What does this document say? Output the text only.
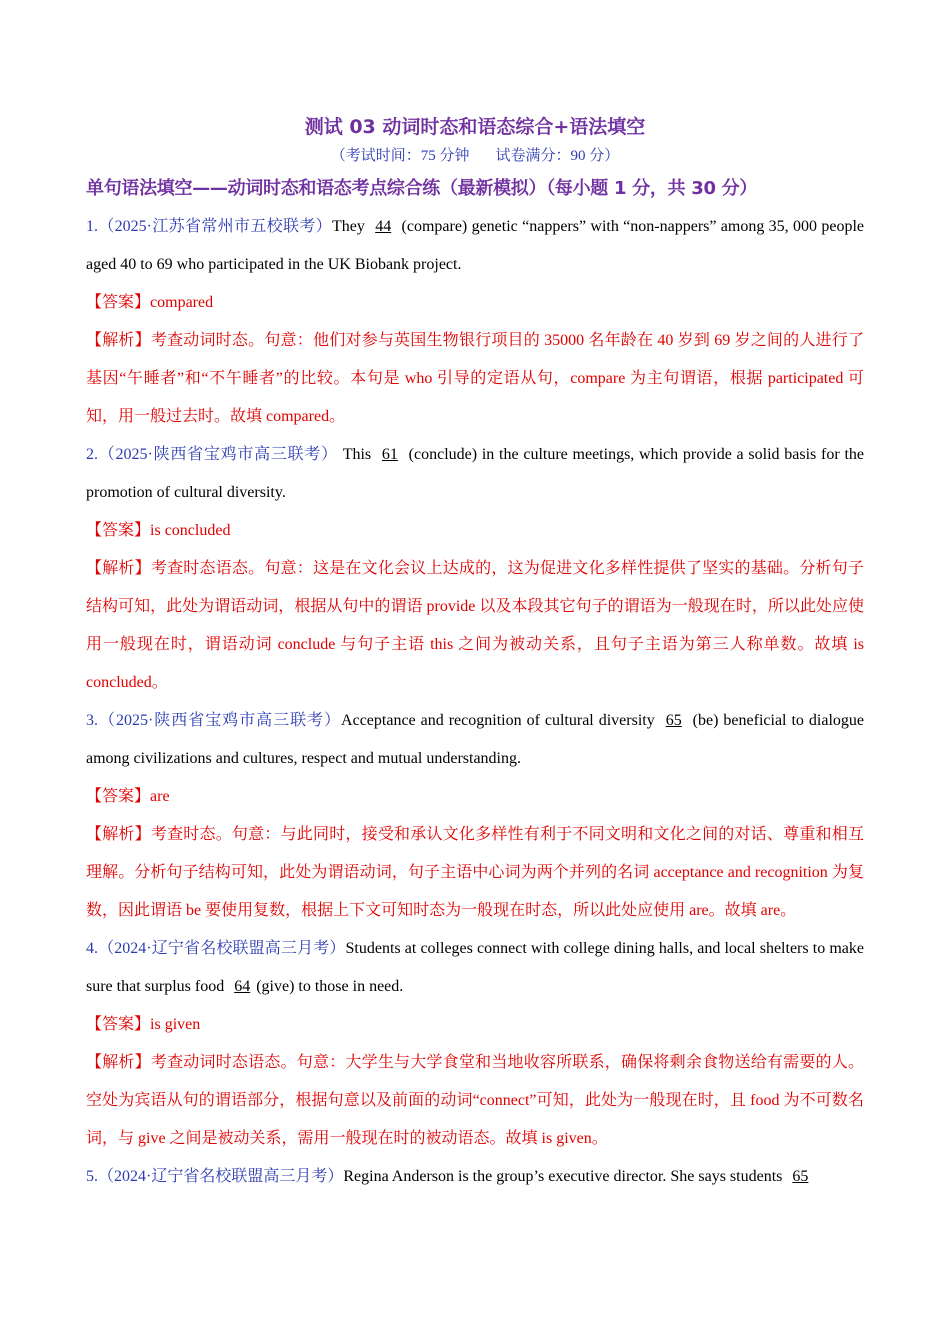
测试 03 动词时态和语态综合+语法填空
（考试时间：75 分钟 试卷满分：90 分）
单句语法填空——动词时态和语态考点综合练（最新模拟）（每小题 1 分，共 30 分）

1.（2025·江苏省常州市五校联考）They 44 (compare) genetic “nappers” with “non-nappers” among 35, 000 people aged 40 to 69 who participated in the UK Biobank project.

【答案】compared

【解析】考查动词时态。句意：他们对参与英国生物银行项目的 35000 名年龄在 40 岁到 69 岁之间的人进行了基因“午睡者”和“不午睡者”的比较。本句是 who 引导的定语从句，compare 为主句谓语，根据 participated 可知，用一般过去时。故填 compared。

2.（2025·陕西省宝鸡市高三联考） This 61 (conclude) in the culture meetings, which provide a solid basis for the promotion of cultural diversity.

【答案】is concluded

【解析】考查时态语态。句意：这是在文化会议上达成的，这为促进文化多样性提供了坚实的基础。分析句子结构可知，此处为谓语动词，根据从句中的谓语 provide 以及本段其它句子的谓语为一般现在时，所以此处应使用一般现在时，谓语动词 conclude 与句子主语 this 之间为被动关系，且句子主语为第三人称单数。故填 is concluded。

3.（2025·陕西省宝鸡市高三联考）Acceptance and recognition of cultural diversity 65 (be) beneficial to dialogue among civilizations and cultures, respect and mutual understanding.

【答案】are

【解析】考查时态。句意：与此同时，接受和承认文化多样性有利于不同文明和文化之间的对话、尊重和相互理解。分析句子结构可知，此处为谓语动词，句子主语中心词为两个并列的名词 acceptance and recognition 为复数，因此谓语 be 要使用复数，根据上下文可知时态为一般现在时态，所以此处应使用 are。故填 are。

4.（2024·辽宁省名校联盟高三月考）Students at colleges connect with college dining halls, and local shelters to make sure that surplus food 64 (give) to those in need.

【答案】is given

【解析】考查动词时态语态。句意：大学生与大学食堂和当地收容所联系，确保将剩余食物送给有需要的人。空处为宾语从句的谓语部分，根据句意以及前面的动词“connect”可知，此处为一般现在时，且 food 为不可数名词，与 give 之间是被动关系，需用一般现在时的被动语态。故填 is given。

5.（2024·辽宁省名校联盟高三月考）Regina Anderson is the group’s executive director. She says students 65
